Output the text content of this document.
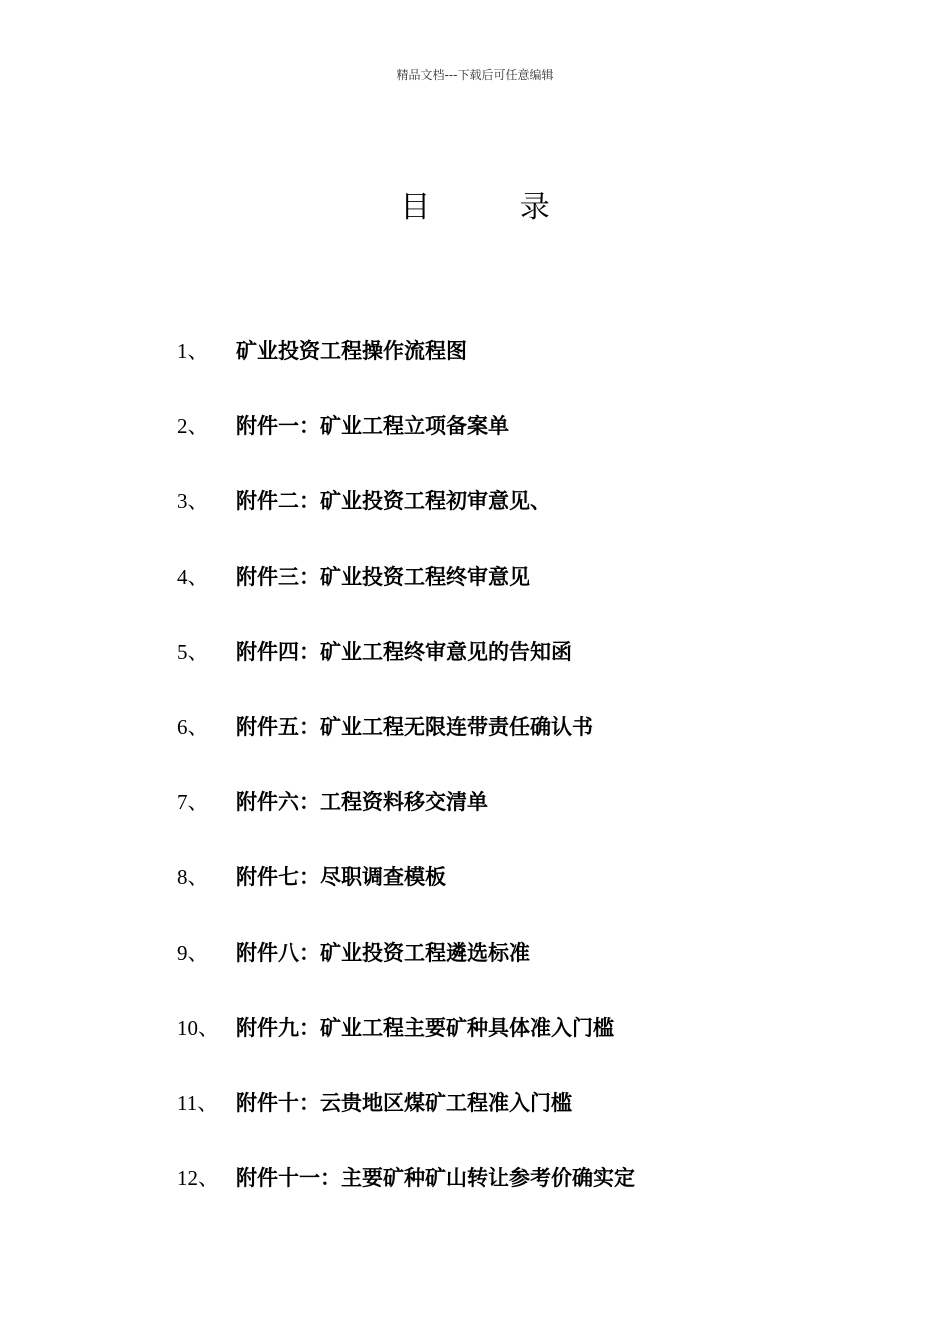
精品文档---下载后可任意编辑
目 录
1、	矿业投资工程操作流程图
2、	附件一：矿业工程立项备案单
3、	附件二：矿业投资工程初审意见、
4、	附件三：矿业投资工程终审意见
5、	附件四：矿业工程终审意见的告知函
6、	附件五：矿业工程无限连带责任确认书
7、	附件六：工程资料移交清单
8、	附件七：尽职调查模板
9、	附件八：矿业投资工程遴选标准
10、 附件九：矿业工程主要矿种具体准入门槛
11、 附件十：云贵地区煤矿工程准入门槛
12、 附件十一：主要矿种矿山转让参考价确实定
